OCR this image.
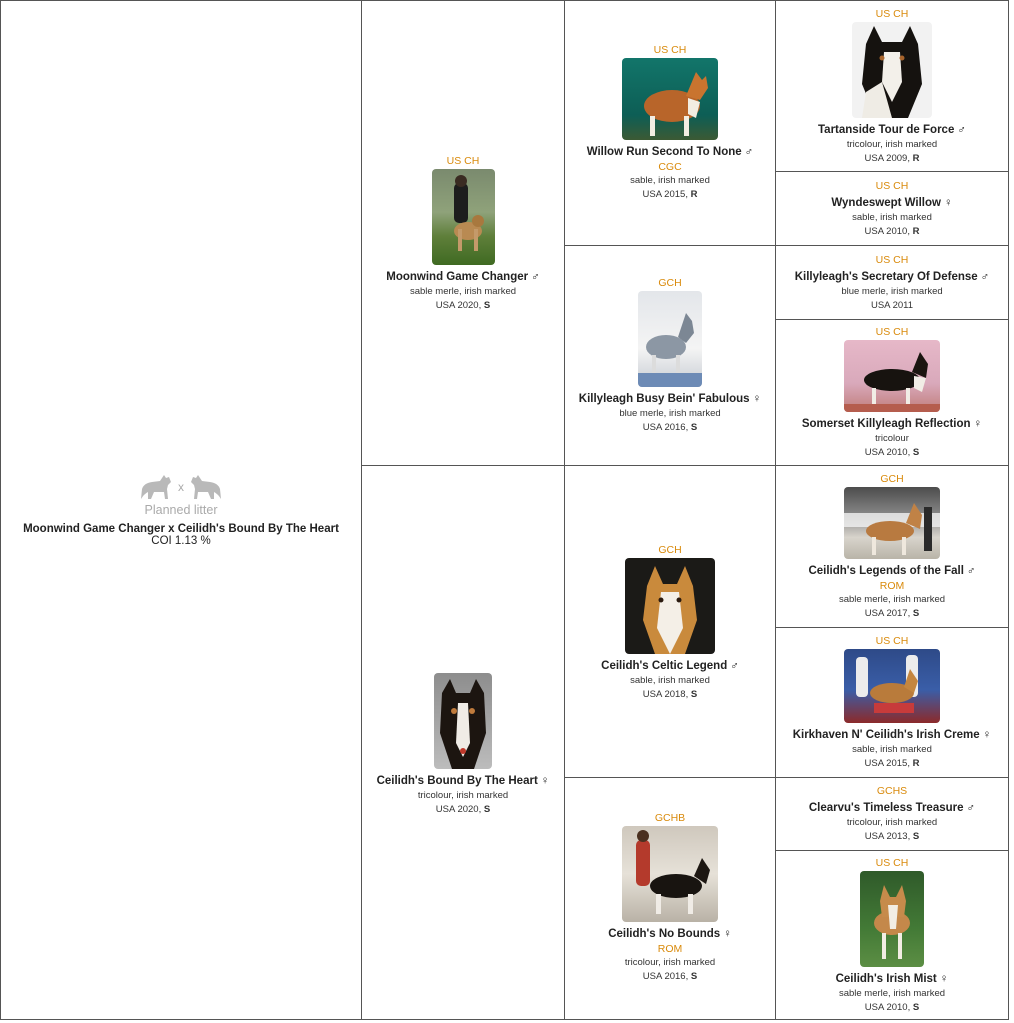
x
Planned litter
Moonwind Game Changer x Ceilidh's Bound By The Heart
COI 1.13 %
US CH
Moonwind Game Changer ♂
sable merle, irish marked
USA 2020, S
Ceilidh's Bound By The Heart ♀
tricolour, irish marked
USA 2020, S
US CH
Willow Run Second To None ♂
CGC
sable, irish marked
USA 2015, R
GCH
Killyleagh Busy Bein' Fabulous ♀
blue merle, irish marked
USA 2016, S
GCH
Ceilidh's Celtic Legend ♂
sable, irish marked
USA 2018, S
GCHB
Ceilidh's No Bounds ♀
ROM
tricolour, irish marked
USA 2016, S
US CH
Tartanside Tour de Force ♂
tricolour, irish marked
USA 2009, R
US CH
Wyndeswept Willow ♀
sable, irish marked
USA 2010, R
US CH
Killyleagh's Secretary Of Defense ♂
blue merle, irish marked
USA 2011
US CH
Somerset Killyleagh Reflection ♀
tricolour
USA 2010, S
GCH
Ceilidh's Legends of the Fall ♂
ROM
sable merle, irish marked
USA 2017, S
US CH
Kirkhaven N' Ceilidh's Irish Creme ♀
sable, irish marked
USA 2015, R
GCHS
Clearvu's Timeless Treasure ♂
tricolour, irish marked
USA 2013, S
US CH
Ceilidh's Irish Mist ♀
sable merle, irish marked
USA 2010, S
